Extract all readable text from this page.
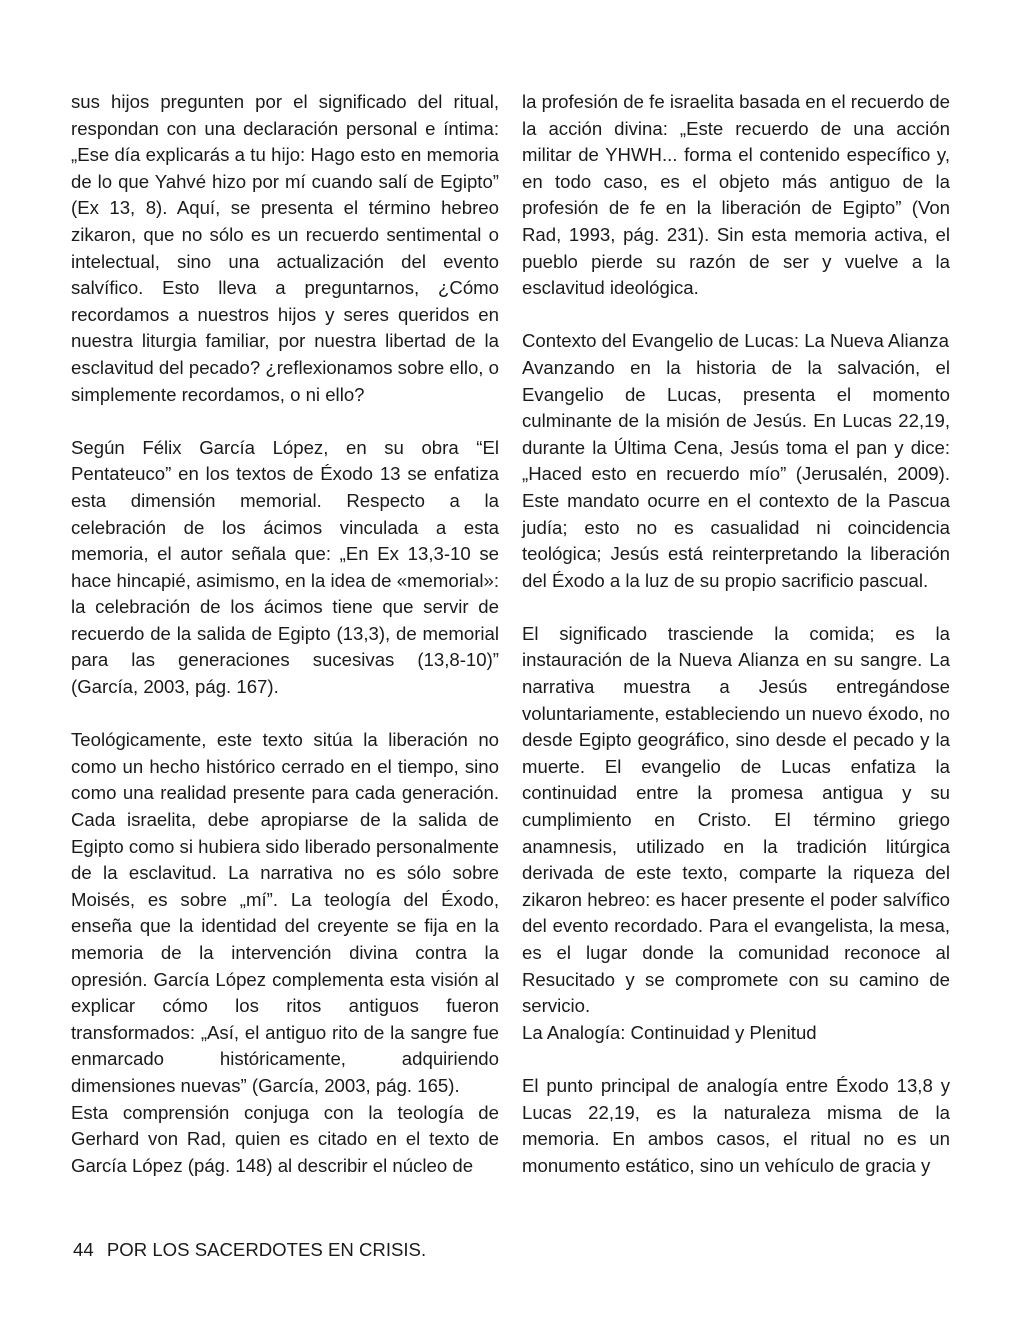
sus hijos pregunten por el significado del ritual, respondan con una declaración personal e íntima: „Ese día explicarás a tu hijo: Hago esto en memoria de lo que Yahvé hizo por mí cuando salí de Egipto” (Ex 13, 8). Aquí, se presenta el término hebreo zikaron, que no sólo es un recuerdo sentimental o intelectual, sino una actualización del evento salvífico. Esto lleva a preguntarnos, ¿Cómo recordamos a nuestros hijos y seres queridos en nuestra liturgia familiar, por nuestra libertad de la esclavitud del pecado? ¿reflexionamos sobre ello, o simplemente recordamos, o ni ello?

Según Félix García López, en su obra “El Pentateuco” en los textos de Éxodo 13 se enfatiza esta dimensión memorial. Respecto a la celebración de los ácimos vinculada a esta memoria, el autor señala que: „En Ex 13,3-10 se hace hincapié, asimismo, en la idea de «memorial»: la celebración de los ácimos tiene que servir de recuerdo de la salida de Egipto (13,3), de memorial para las generaciones sucesivas (13,8-10)” (García, 2003, pág. 167).

Teológicamente, este texto sitúa la liberación no como un hecho histórico cerrado en el tiempo, sino como una realidad presente para cada generación. Cada israelita, debe apropiarse de la salida de Egipto como si hubiera sido liberado personalmente de la esclavitud. La narrativa no es sólo sobre Moisés, es sobre „mí”. La teología del Éxodo, enseña que la identidad del creyente se fija en la memoria de la intervención divina contra la opresión. García López complementa esta visión al explicar cómo los ritos antiguos fueron transformados: „Así, el antiguo rito de la sangre fue enmarcado históricamente, adquiriendo dimensiones nuevas” (García, 2003, pág. 165).

Esta comprensión conjuga con la teología de Gerhard von Rad, quien es citado en el texto de García López (pág. 148) al describir el núcleo de

la profesión de fe israelita basada en el recuerdo de la acción divina: „Este recuerdo de una acción militar de YHWH... forma el contenido específico y, en todo caso, es el objeto más antiguo de la profesión de fe en la liberación de Egipto” (Von Rad, 1993, pág. 231). Sin esta memoria activa, el pueblo pierde su razón de ser y vuelve a la esclavitud ideológica.

Contexto del Evangelio de Lucas: La Nueva Alianza

Avanzando en la historia de la salvación, el Evangelio de Lucas, presenta el momento culminante de la misión de Jesús. En Lucas 22,19, durante la Última Cena, Jesús toma el pan y dice: „Haced esto en recuerdo mío” (Jerusalén, 2009). Este mandato ocurre en el contexto de la Pascua judía; esto no es casualidad ni coincidencia teológica; Jesús está reinterpretando la liberación del Éxodo a la luz de su propio sacrificio pascual.

El significado trasciende la comida; es la instauración de la Nueva Alianza en su sangre. La narrativa muestra a Jesús entregándose voluntariamente, estableciendo un nuevo éxodo, no desde Egipto geográfico, sino desde el pecado y la muerte. El evangelio de Lucas enfatiza la continuidad entre la promesa antigua y su cumplimiento en Cristo. El término griego anamnesis, utilizado en la tradición litúrgica derivada de este texto, comparte la riqueza del zikaron hebreo: es hacer presente el poder salvífico del evento recordado. Para el evangelista, la mesa, es el lugar donde la comunidad reconoce al Resucitado y se compromete con su camino de servicio.

La Analogía: Continuidad y Plenitud

El punto principal de analogía entre Éxodo 13,8 y Lucas 22,19, es la naturaleza misma de la memoria. En ambos casos, el ritual no es un monumento estático, sino un vehículo de gracia y

44 POR LOS SACERDOTES EN CRISIS.
